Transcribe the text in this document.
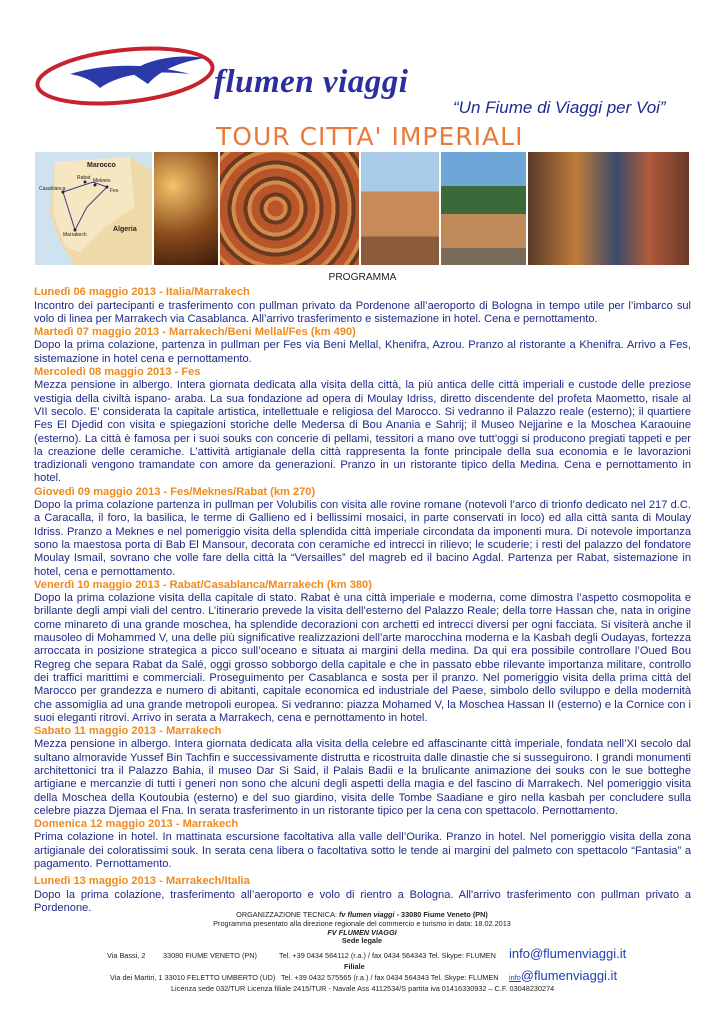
flumen viaggi
“Un Fiume di Viaggi per Voi”
TOUR CITTA' IMPERIALI
Marocco
Algeria
Casablanca
Rabat Meknes
Fes
Marrakech
PROGRAMMA
Lunedì 06 maggio 2013 - Italia/Marrakech
Incontro dei partecipanti e trasferimento con pullman privato da Pordenone all’aeroporto di Bologna in tempo utile per l’imbarco sul volo di linea per Marrakech via Casablanca. All’arrivo trasferimento e sistemazione in hotel. Cena e pernottamento.
Martedì 07 maggio 2013 - Marrakech/Beni Mellal/Fes (km 490)
Dopo la prima colazione, partenza in pullman per Fes via Beni Mellal, Khenifra, Azrou. Pranzo al ristorante a Khenifra. Arrivo a Fes, sistemazione in hotel cena e pernottamento.
Mercoledì 08 maggio 2013 - Fes
Mezza pensione in albergo. Intera giornata dedicata alla visita della città, la più antica delle città imperiali e custode delle preziose vestigia della civiltà ispano- araba. La sua fondazione ad opera di Moulay Idriss, diretto discendente del profeta Maometto, risale al VII secolo. E’ considerata la capitale artistica, intellettuale e religiosa del Marocco. Si vedranno il Palazzo reale (esterno); il quartiere Fes El Djedid con visita e spiegazioni storiche delle Medersa di Bou Anania e Sahrij; il Museo Nejjarine e la Moschea Karaouine (esterno). La città è famosa per i suoi souks con concerie di pellami, tessitori a mano ove tutt’oggi si producono pregiati tappeti e per la creazione delle ceramiche. L’attività artigianale della città rappresenta la fonte principale della sua economia e le lavorazioni tradizionali vengono tramandate con amore da generazioni. Pranzo in un ristorante tipico della Medina. Cena e pernottamento in hotel.
Giovedì 09 maggio 2013 - Fes/Meknes/Rabat (km 270)
Dopo la prima colazione partenza in pullman per Volubilis con visita alle rovine romane (notevoli l’arco di trionfo dedicato nel 217 d.C. a Caracalla, il foro, la basilica, le terme di Gallieno ed i bellissimi mosaici, in parte conservati in loco) ed alla città santa di Moulay Idriss. Pranzo a Meknes e nel pomeriggio visita della splendida città imperiale circondata da imponenti mura. Di notevole importanza sono la maestosa porta di Bab El Mansour, decorata con ceramiche ed intrecci in rilievo; le scuderie; i resti del palazzo del fondatore Moulay Ismail, sovrano che volle fare della città la “Versailles” del magreb ed il bacino Agdal. Partenza per Rabat, sistemazione in hotel, cena e pernottamento.
Venerdì 10 maggio 2013 - Rabat/Casablanca/Marrakech (km 380)
Dopo la prima colazione visita della capitale di stato. Rabat è una città imperiale e moderna, come dimostra l’aspetto cosmopolita e brillante degli ampi viali del centro. L’itinerario prevede la visita dell’esterno del Palazzo Reale; della torre Hassan che, nata in origine come minareto di una grande moschea, ha splendide decorazioni con archetti ed intrecci diversi per ogni facciata. Si visiterà anche il mausoleo di Mohammed V, una delle più significative realizzazioni dell’arte marocchina moderna e la Kasbah degli Oudayas, fortezza arroccata in posizione strategica a picco sull’oceano e situata ai margini della medina. Da qui era possibile controllare l’Oued Bou Regreg che separa Rabat da Salé, oggi grosso sobborgo della capitale e che in passato ebbe rilevante importanza militare, controllo dei traffici marittimi e commerciali. Proseguimento per Casablanca e sosta per il pranzo. Nel pomeriggio visita della prima città del Marocco per grandezza e numero di abitanti, capitale economica ed industriale del Paese, simbolo dello sviluppo e della modernità che assomiglia ad una grande metropoli europea. Si vedranno: piazza Mohamed V, la Moschea Hassan II (esterno) e la Cornice con i suoi eleganti ritrovi. Arrivo in serata a Marrakech, cena e pernottamento in hotel.
Sabato 11 maggio 2013 - Marrakech
Mezza pensione in albergo. Intera giornata dedicata alla visita della celebre ed affascinante città imperiale, fondata nell’XI secolo dal sultano almoravide Yussef Bin Tachfin e successivamente distrutta e ricostruita dalle dinastie che si susseguirono. I grandi monumenti architettonici tra il Palazzo Bahia, il museo Dar Si Said, il Palais Badii e la brulicante animazione dei souks con le sue botteghe artigiane e mercanzie di tutti i generi non sono che alcuni degli aspetti della magia e del fascino di Marrakech. Nel pomeriggio visita della Moschea della Koutoubia (esterno) e del suo giardino, visita delle Tombe Saadiane e giro nella kasbah per concludere sulla celebre piazza Djemaa el Fna. In serata trasferimento in un ristorante tipico per la cena con spettacolo. Pernottamento.
Domenica 12 maggio 2013 - Marrakech
Prima colazione in hotel. In mattinata escursione facoltativa alla valle dell’Ourika. Pranzo in hotel. Nel pomeriggio visita della zona artigianale dei coloratissimi souk. In serata cena libera o facoltativa sotto le tende ai margini del palmeto con spettacolo “Fantasia” a pagamento. Pernottamento.
Lunedì 13 maggio 2013 - Marrakech/Italia
Dopo la prima colazione, trasferimento all’aeroporto e volo di rientro a Bologna. All'arrivo trasferimento con pullman privato a Pordenone.
ORGANIZZAZIONE TECNICA: fv flumen viaggi - 33080 Fiume Veneto (PN)
Programma presentato alla direzione regionale del commercio e turismo in data: 18.02.2013
FV FLUMEN VIAGGI
Sede legale
Via Bassi, 2 33080 FIUME VENETO (PN)	Tel. +39 0434 564112 (r.a.) / fax 0434 564343 Tel. Skype: FLUMEN info@flumenviaggi.it
Filiale
Via dei Martiri, 1 33010 FELETTO UMBERTO (UD) Tel. +39 0432 575565 (r.a.) / fax 0434 564343 Tel. Skype: FLUMEN info@flumenviaggi.it
Licenza sede 032/TUR Licenza filiale 2415/TUR - Navale Ass 4112534/S partita iva 01416330932 – C.F. 03048230274
